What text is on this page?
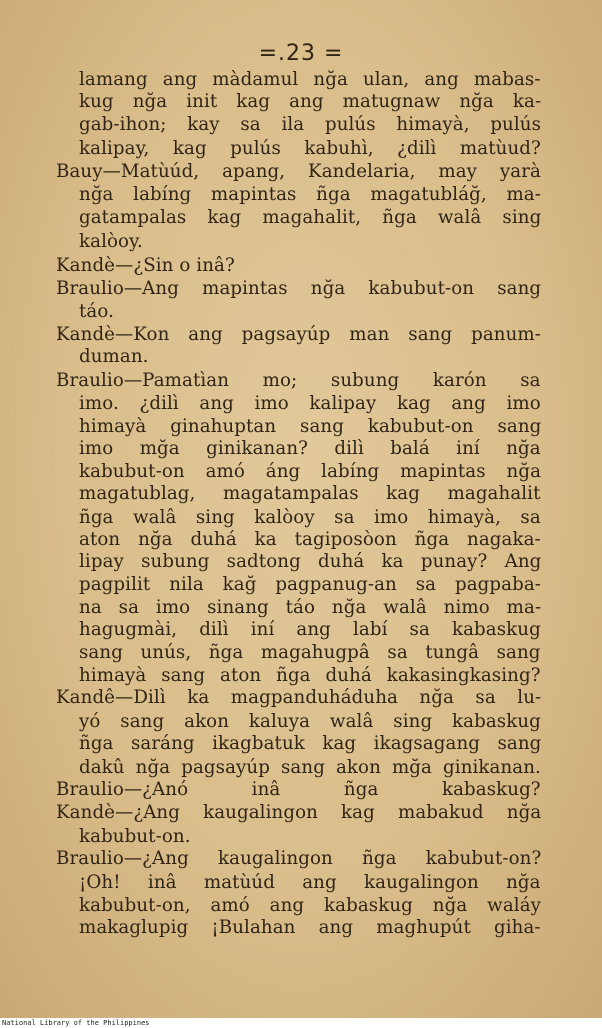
=.23 =
lamang ang màdamul nğa ulan, ang mabas-
kug nğa init kag ang matugnaw nğa ka-
gab-ihon; kay sa ila pulús himayà, pulús
kalipay, kag pulús kabuhì, ¿dilì matùud?
Bauy—Matùúd, apang, Kandelaria, may yarà
nğa labíng mapintas ñga magatubláğ, ma-
gatampalas kag magahalit, ñga walâ sing
kalòoy.
Kandè—¿Sin o inâ?
Braulio—Ang mapintas nğa kabubut-on sang
táo.
Kandè—Kon ang pagsayúp man sang panum-
duman.
Braulio—Pamatìan mo; subung karón sa
imo. ¿dilì ang imo kalipay kag ang imo
himayà ginahuptan sang kabubut-on sang
imo mğa ginikanan? dilì balá iní nğa
kabubut-on amó áng labíng mapintas nğa
magatublag, magatampalas kag magahalit
ñga walâ sing kalòoy sa imo himayà, sa
aton nğa duhá ka tagiposòon ñga nagaka-
lipay subung sadtong duhá ka punay? Ang
pagpilit nila kağ pagpanug-an sa pagpaba-
na sa imo sinang táo nğa walâ nimo ma-
hagugmài, dilì iní ang labí sa kabaskug
sang unús, ñga magahugpâ sa tungâ sang
himayà sang aton ñga duhá kakasingkasing?
Kandê—Dilì ka magpanduháduha nğa sa lu-
yó sang akon kaluya walâ sing kabaskug
ñga saráng ikagbatuk kag ikagsagang sang
dakû nğa pagsayúp sang akon mğa ginikanan.
Braulio—¿Anó inâ ñga kabaskug?
Kandè—¿Ang kaugalingon kag mabakud nğa
kabubut-on.
Braulio—¿Ang kaugalingon ñga kabubut-on?
¡Oh! inâ matùúd ang kaugalingon nğa
kabubut-on, amó ang kabaskug nğa waláy
makaglupig ¡Bulahan ang maghupút giha-
National Library of the Philippines
